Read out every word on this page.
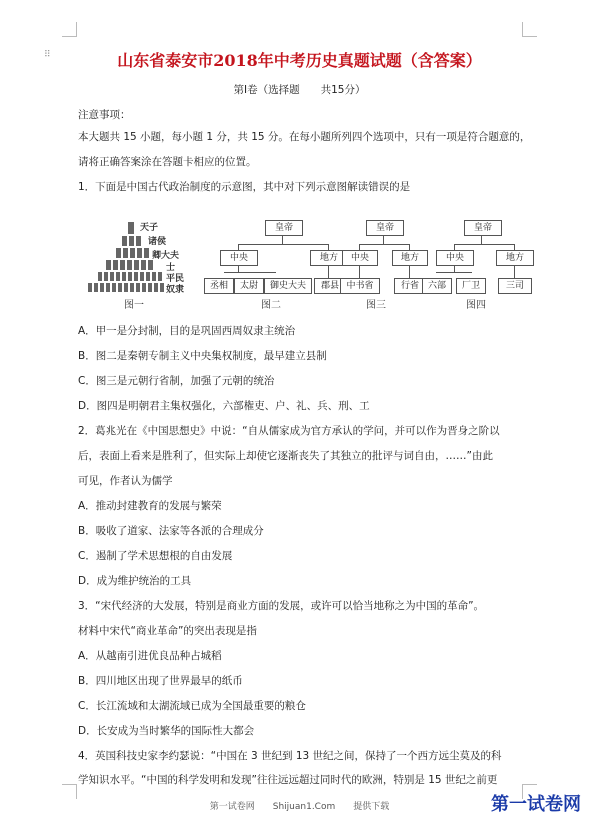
⠿	山东省泰安市2018年中考历史真题试题（含答案）
第Ⅰ卷（选择题　　共15分）
注意事项：
本大题共 15 小题，每小题 1 分，共 15 分。在每小题所列四个选项中，只有一项是符合题意的，
请将正确答案涂在答题卡相应的位置。
1．下面是中国古代政治制度的示意图，其中对下列示意图解读错误的是
天子
诸侯
卿大夫
士
平民
奴隶
图一
皇帝
中央	地方
丞相	太尉	御史大夫	郡县
图二
皇帝
中央	地方
中书省	行省
图三
皇帝
中央	地方
六部	厂卫	三司
图四
A．甲一是分封制，目的是巩固西周奴隶主统治
B．图二是秦朝专制主义中央集权制度，最早建立县制
C．图三是元朝行省制，加强了元朝的统治
D．图四是明朝君主集权强化，六部権吏、户、礼、兵、刑、工
2．葛兆光在《中国思想史》中说：“自从儒家成为官方承认的学问，并可以作为晋身之阶以
后，表面上看来是胜利了，但实际上却使它逐渐丧失了其独立的批评与词自由，……”由此
可见，作者认为儒学
A．推动封建教育的发展与繁荣
B．吸收了道家、法家等各派的合理成分
C．遏制了学术思想根的自由发展
D．成为维护统治的工具
3．“宋代经济的大发展，特别是商业方面的发展，或许可以恰当地称之为中国的革命”。
材料中宋代“商业革命”的突出表现是指
A．从越南引进优良品种占城稻
B．四川地区出现了世界最早的纸币
C．长江流域和太湖流域已成为全国最重要的粮仓
D．长安成为当时繁华的国际性大都会
4．英国科技史家李约瑟说：“中国在 3 世纪到 13 世纪之间，保持了一个西方远尘莫及的科
学知识水平。“中国的科学发明和发现”往往远远超过同时代的欧洲，特别是 15 世纪之前更
第一试卷网　　Shijuan1.Com　　提供下载	第一试卷网
